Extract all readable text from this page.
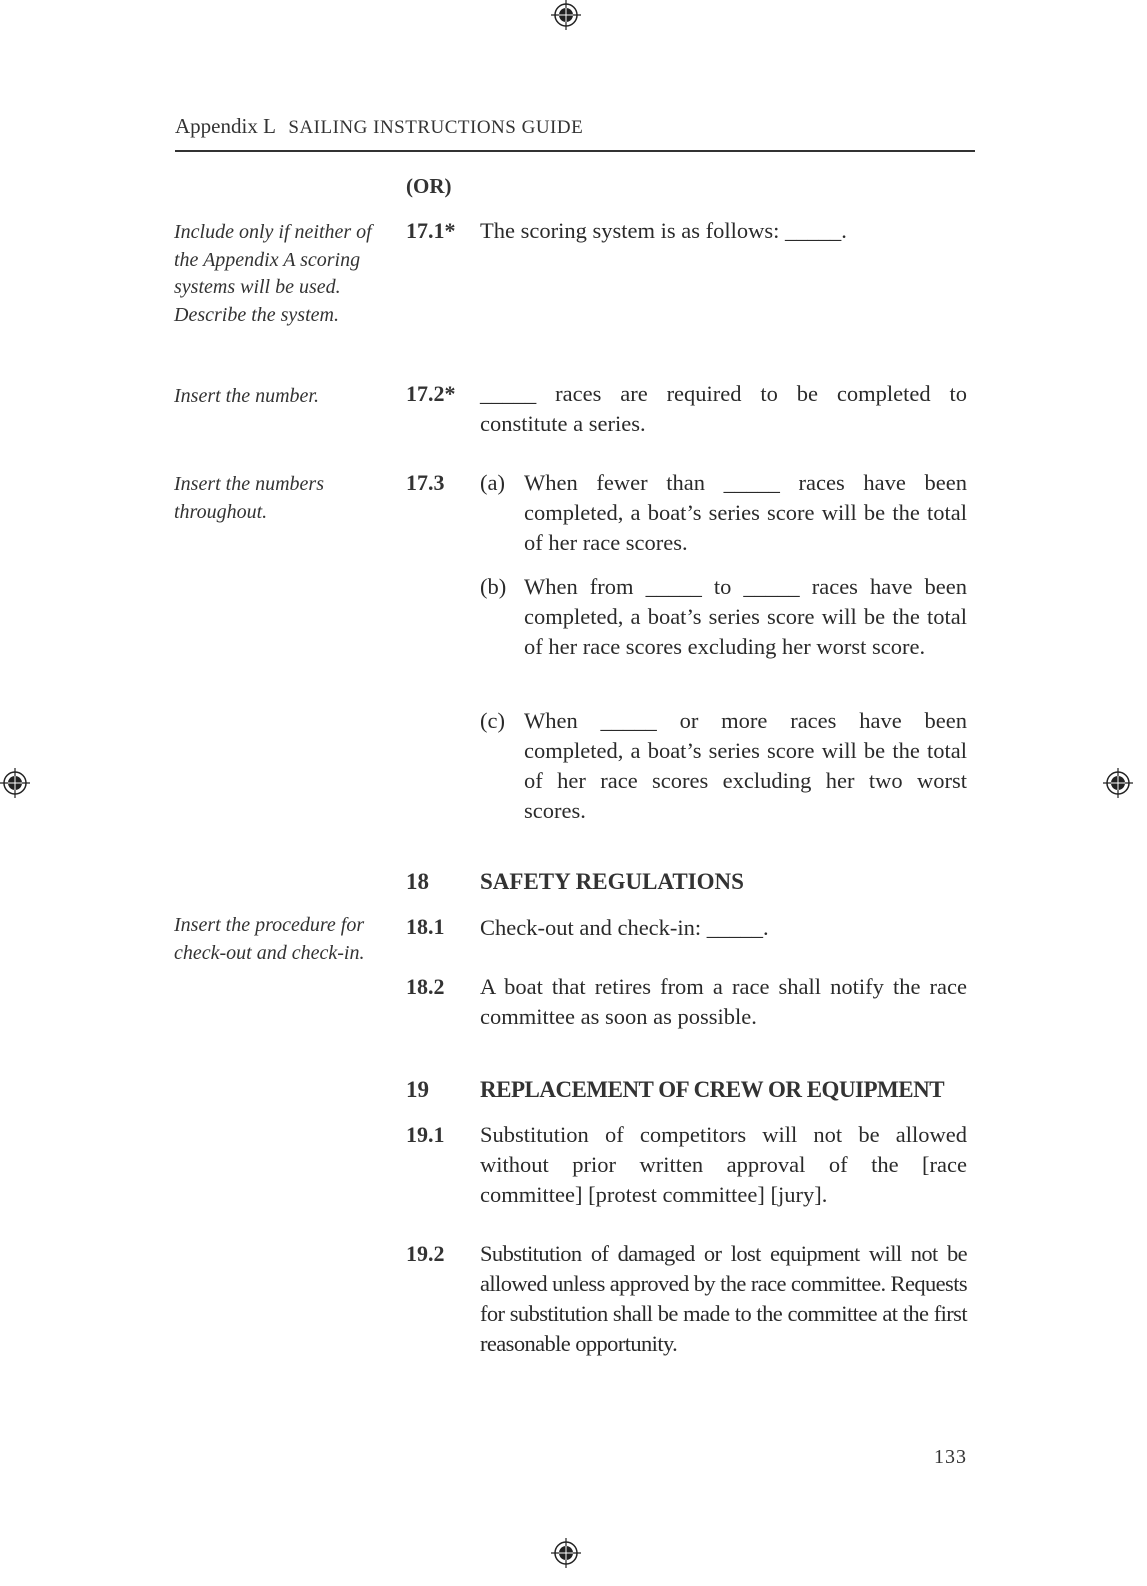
Appendix L SAILING INSTRUCTIONS GUIDE
(OR)
Include only if neither of the Appendix A scoring systems will be used. Describe the system.
17.1* The scoring system is as follows: _____.
Insert the number.	17.2* _____ races are required to be completed to constitute a series.
Insert the numbers throughout.
17.3 (a) When fewer than _____ races have been completed, a boat’s series score will be the total of her race scores.
(b) When from _____ to _____ races have been completed, a boat’s series score will be the total of her race scores excluding her worst score.
(c) When _____ or more races have been completed, a boat’s series score will be the total of her race scores excluding her two worst scores.
18 SAFETY REGULATIONS
Insert the procedure for check-out and check-in.
18.1 Check-out and check-in: _____.
18.2 A boat that retires from a race shall notify the race committee as soon as possible.
19 REPLACEMENT OF CREW OR EQUIPMENT
19.1 Substitution of competitors will not be allowed without prior written approval of the [race committee] [protest committee] [jury].
19.2 Substitution of damaged or lost equipment will not be allowed unless approved by the race committee. Requests for substitution shall be made to the committee at the first reasonable opportunity.
133
